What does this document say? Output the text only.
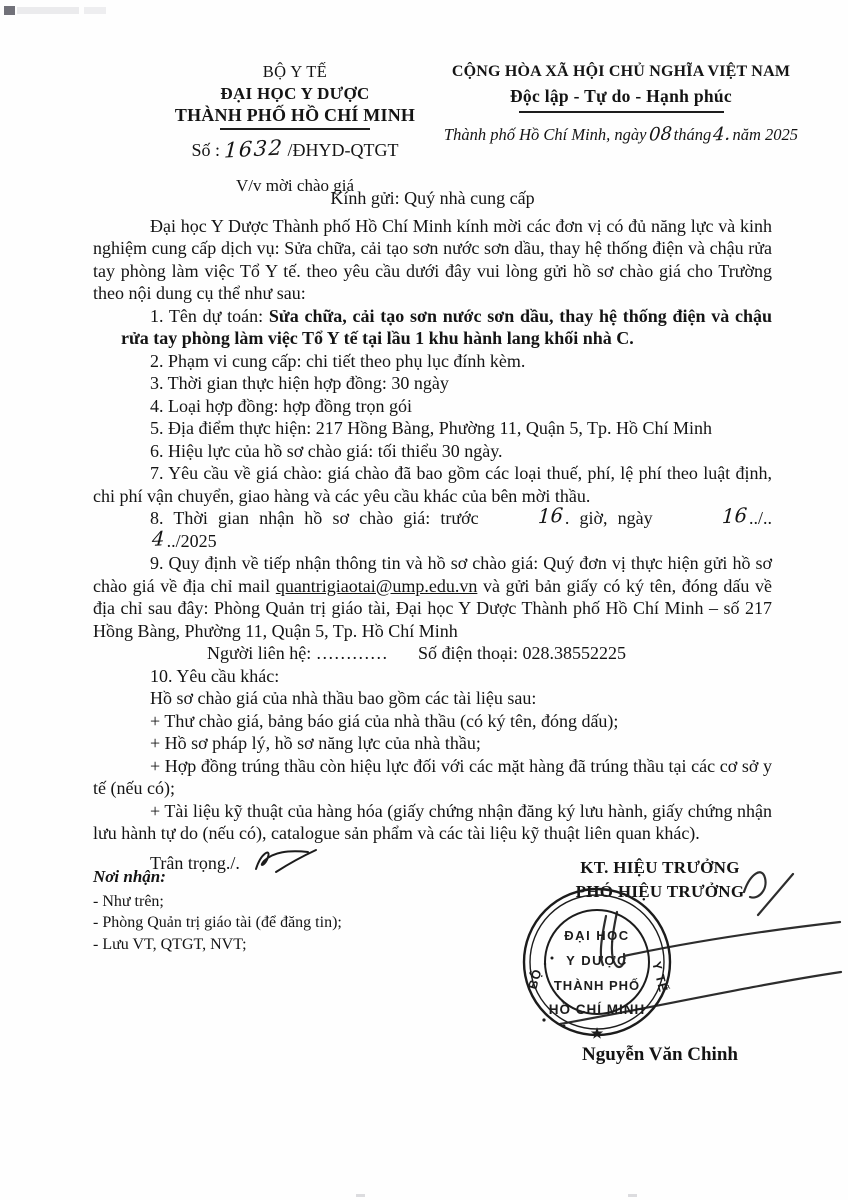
BỘ Y TẾ
ĐẠI HỌC Y DƯỢC
THÀNH PHỐ HỒ CHÍ MINH
Số : 1632 /ĐHYD-QTGT
V/v mời chào giá
CỘNG HÒA XÃ HỘI CHỦ NGHĨA VIỆT NAM
Độc lập - Tự do - Hạnh phúc
Thành phố Hồ Chí Minh, ngày08tháng4.năm 2025

Kính gửi: Quý nhà cung cấp

Đại học Y Dược Thành phố Hồ Chí Minh kính mời các đơn vị có đủ năng lực và kinh nghiệm cung cấp dịch vụ: Sửa chữa, cải tạo sơn nước sơn dầu, thay hệ thống điện và chậu rửa tay phòng làm việc Tổ Y tế. theo yêu cầu dưới đây vui lòng gửi hồ sơ chào giá cho Trường theo nội dung cụ thể như sau:

1. Tên dự toán: Sửa chữa, cải tạo sơn nước sơn dầu, thay hệ thống điện và chậu rửa tay phòng làm việc Tổ Y tế tại lầu 1 khu hành lang khối nhà C.

2. Phạm vi cung cấp: chi tiết theo phụ lục đính kèm.

3. Thời gian thực hiện hợp đồng: 30 ngày

4. Loại hợp đồng: hợp đồng trọn gói

5. Địa điểm thực hiện: 217 Hồng Bàng, Phường 11, Quận 5, Tp. Hồ Chí Minh

6. Hiệu lực của hồ sơ chào giá: tối thiểu 30 ngày.

7. Yêu cầu về giá chào: giá chào đã bao gồm các loại thuế, phí, lệ phí theo luật định, chi phí vận chuyển, giao hàng và các yêu cầu khác của bên mời thầu.

8. Thời gian nhận hồ sơ chào giá: trước	16. giờ, ngày	16../..4../2025

9. Quy định về tiếp nhận thông tin và hồ sơ chào giá: Quý đơn vị thực hiện gửi hồ sơ chào giá về địa chỉ mail quantrigiaotai@ump.edu.vn và gửi bản giấy có ký tên, đóng dấu về địa chỉ sau đây: Phòng Quản trị giáo tài, Đại học Y Dược Thành phố Hồ Chí Minh – số 217 Hồng Bàng, Phường 11, Quận 5, Tp. Hồ Chí Minh

Người liên hệ: ………… Số điện thoại: 028.38552225

10. Yêu cầu khác:

Hồ sơ chào giá của nhà thầu bao gồm các tài liệu sau:

+ Thư chào giá, bảng báo giá của nhà thầu (có ký tên, đóng dấu);

+ Hồ sơ pháp lý, hồ sơ năng lực của nhà thầu;

+ Hợp đồng trúng thầu còn hiệu lực đối với các mặt hàng đã trúng thầu tại các cơ sở y tế (nếu có);

+ Tài liệu kỹ thuật của hàng hóa (giấy chứng nhận đăng ký lưu hành, giấy chứng nhận lưu hành tự do (nếu có), catalogue sản phẩm và các tài liệu kỹ thuật liên quan khác).

Trân trọng./.

Nơi nhận:
- Như trên;
- Phòng Quản trị giáo tài (để đăng tin);
- Lưu VT, QTGT, NVT;
KT. HIỆU TRƯỞNG
PHÓ HIỆU TRƯỞNG
Nguyễn Văn Chinh
BỘ	Y TẾ
ĐẠI HỌC
Y DƯỢC
THÀNH PHỐ
HỒ CHÍ MINH
★
